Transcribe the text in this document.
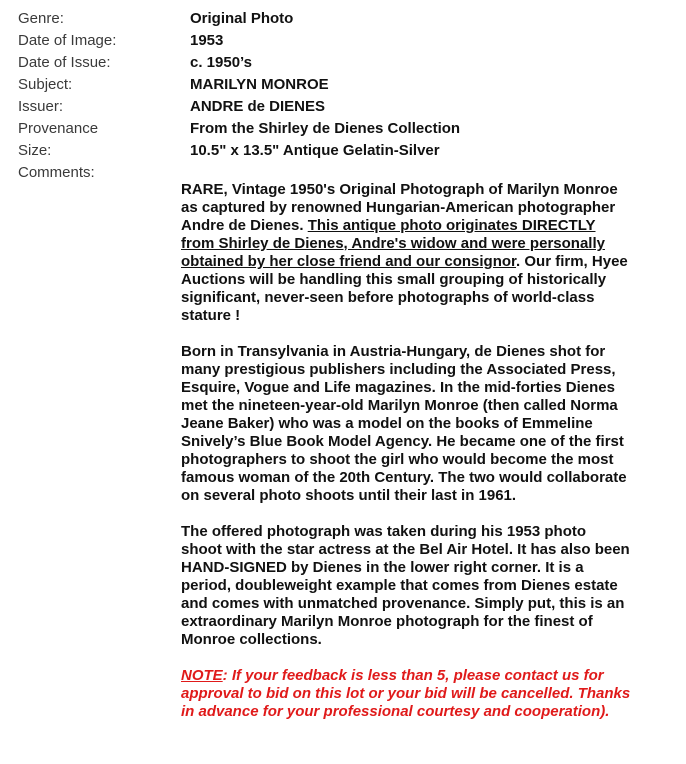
Genre:	Original Photo
Date of Image:	1953
Date of Issue:	c. 1950’s
Subject:	MARILYN MONROE
Issuer:	ANDRE de DIENES
Provenance	From the Shirley de Dienes Collection
Size:	10.5" x 13.5" Antique Gelatin-Silver
Comments:

RARE, Vintage 1950's Original Photograph of Marilyn Monroe as captured by renowned Hungarian-American photographer Andre de Dienes. This antique photo originates DIRECTLY from Shirley de Dienes, Andre's widow and were personally obtained by her close friend and our consignor. Our firm, Hyee Auctions will be handling this small grouping of historically significant, never-seen before photographs of world-class stature !

Born in Transylvania in Austria-Hungary, de Dienes shot for many prestigious publishers including the Associated Press, Esquire, Vogue and Life magazines. In the mid-forties Dienes met the nineteen-year-old Marilyn Monroe (then called Norma Jeane Baker) who was a model on the books of Emmeline Snively’s Blue Book Model Agency. He became one of the first photographers to shoot the girl who would become the most famous woman of the 20th Century. The two would collaborate on several photo shoots until their last in 1961.

The offered photograph was taken during his 1953 photo shoot with the star actress at the Bel Air Hotel. It has also been HAND-SIGNED by Dienes in the lower right corner. It is a period, doubleweight example that comes from Dienes estate and comes with unmatched provenance. Simply put, this is an extraordinary Marilyn Monroe photograph for the finest of Monroe collections.

NOTE: If your feedback is less than 5, please contact us for approval to bid on this lot or your bid will be cancelled. Thanks in advance for your professional courtesy and cooperation).
